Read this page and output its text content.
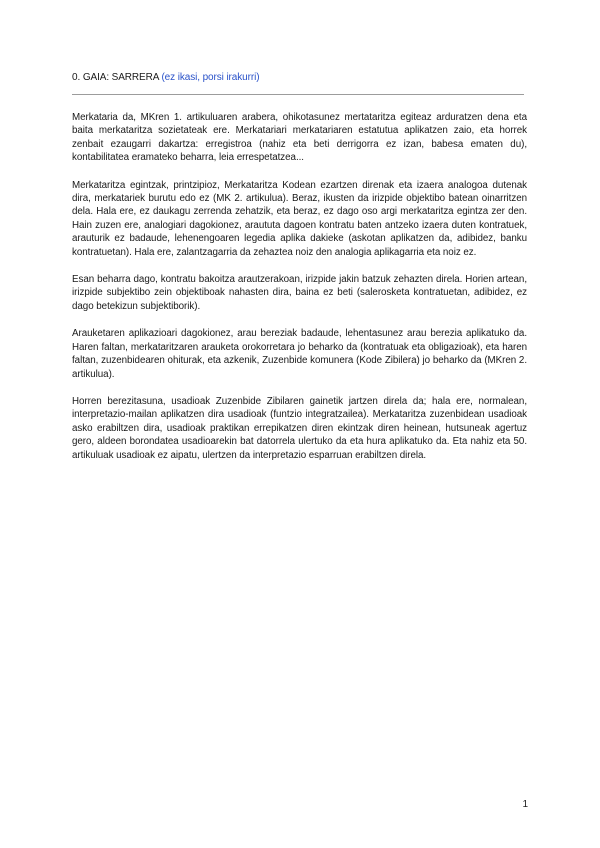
0. GAIA: SARRERA (ez ikasi, porsi irakurri)

Merkataria da, MKren 1. artikuluaren arabera, ohikotasunez mertataritza egiteaz arduratzen dena eta baita merkataritza sozietateak ere. Merkatariari merkatariaren estatutua aplikatzen zaio, eta horrek zenbait ezaugarri dakartza: erregistroa (nahiz eta beti derrigorra ez izan, babesa ematen du), kontabilitatea eramateko beharra, leia errespetatzea...

Merkataritza egintzak, printzipioz, Merkataritza Kodean ezartzen direnak eta izaera analogoa dutenak dira, merkatariek burutu edo ez (MK 2. artikulua). Beraz, ikusten da irizpide objektibo batean oinarritzen dela. Hala ere, ez daukagu zerrenda zehatzik, eta beraz, ez dago oso argi merkataritza egintza zer den. Hain zuzen ere, analogiari dagokionez, araututa dagoen kontratu baten antzeko izaera duten kontratuek, arauturik ez badaude, lehenengoaren legedia aplika dakieke (askotan aplikatzen da, adibidez, banku kontratuetan). Hala ere, zalantzagarria da zehaztea noiz den analogia aplikagarria eta noiz ez.

Esan beharra dago, kontratu bakoitza arautzerakoan, irizpide jakin batzuk zehazten direla. Horien artean, irizpide subjektibo zein objektiboak nahasten dira, baina ez beti (salerosketa kontratuetan, adibidez, ez dago betekizun subjektiborik).

Arauketaren aplikazioari dagokionez, arau bereziak badaude, lehentasunez arau berezia aplikatuko da. Haren faltan, merkataritzaren arauketa orokorretara jo beharko da (kontratuak eta obligazioak), eta haren faltan, zuzenbidearen ohiturak, eta azkenik, Zuzenbide komunera (Kode Zibilera) jo beharko da (MKren 2. artikulua).

Horren berezitasuna, usadioak Zuzenbide Zibilaren gainetik jartzen direla da; hala ere, normalean, interpretazio-mailan aplikatzen dira usadioak (funtzio integratzailea). Merkataritza zuzenbidean usadioak asko erabiltzen dira, usadioak praktikan errepikatzen diren ekintzak diren heinean, hutsuneak agertuz gero, aldeen borondatea usadioarekin bat datorrela ulertuko da eta hura aplikatuko da. Eta nahiz eta 50. artikuluak usadioak ez aipatu, ulertzen da interpretazio esparruan erabiltzen direla.

1
